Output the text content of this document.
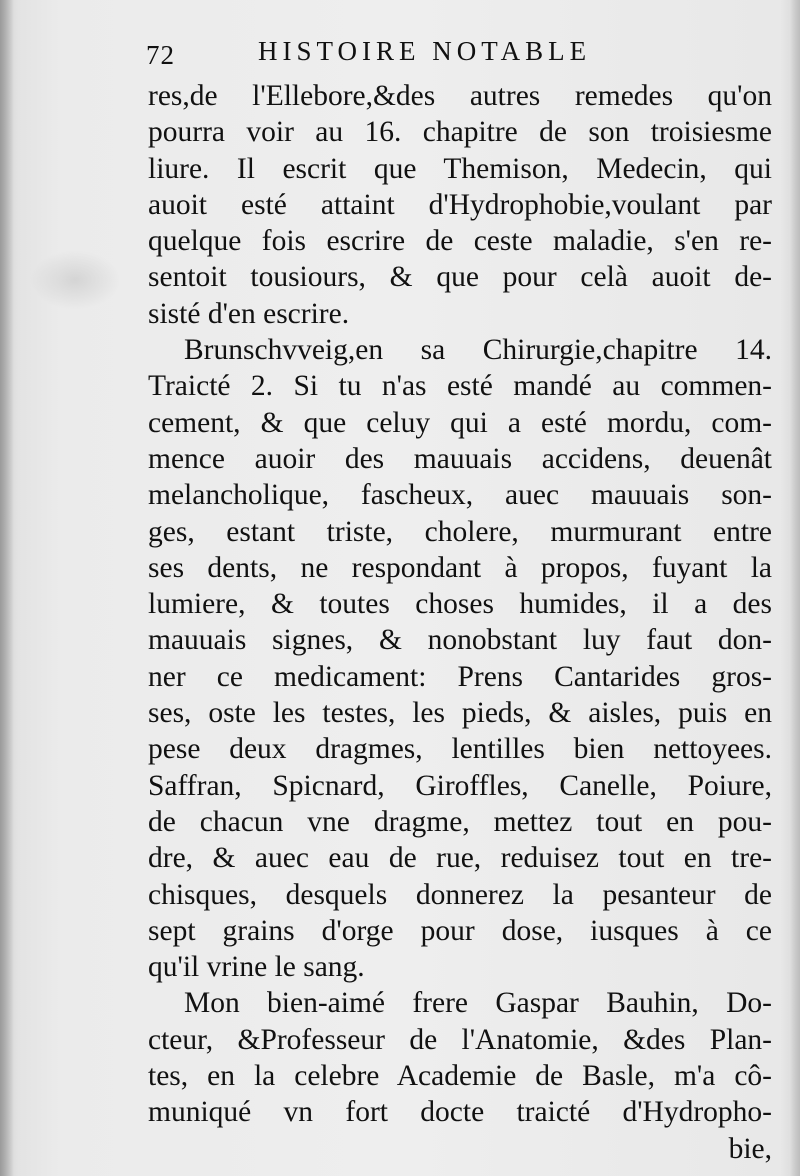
72	HISTOIRE NOTABLE
res,de l'Ellebore,&des autres remedes qu'on
pourra voir au 16. chapitre de son troisiesme
liure. Il escrit que Themison, Medecin, qui
auoit esté attaint d'Hydrophobie,voulant par
quelque fois escrire de ceste maladie, s'en re-
sentoit tousiours, & que pour celà auoit de-
sisté d'en escrire.
Brunschvveig,en sa Chirurgie,chapitre 14.
Traicté 2. Si tu n'as esté mandé au commen-
cement, & que celuy qui a esté mordu, com-
mence auoir des mauuais accidens, deuenât
melancholique, fascheux, auec mauuais son-
ges, estant triste, cholere, murmurant entre
ses dents, ne respondant à propos, fuyant la
lumiere, & toutes choses humides, il a des
mauuais signes, & nonobstant luy faut don-
ner ce medicament: Prens Cantarides gros-
ses, oste les testes, les pieds, & aisles, puis en
pese deux dragmes, lentilles bien nettoyees.
Saffran, Spicnard, Giroffles, Canelle, Poiure,
de chacun vne dragme, mettez tout en pou-
dre, & auec eau de rue, reduisez tout en tre-
chisques, desquels donnerez la pesanteur de
sept grains d'orge pour dose, iusques à ce
qu'il vrine le sang.
Mon bien-aimé frere Gaspar Bauhin, Do-
cteur, &Professeur de l'Anatomie, &des Plan-
tes, en la celebre Academie de Basle, m'a cô-
muniqué vn fort docte traicté d'Hydropho-
bie,
